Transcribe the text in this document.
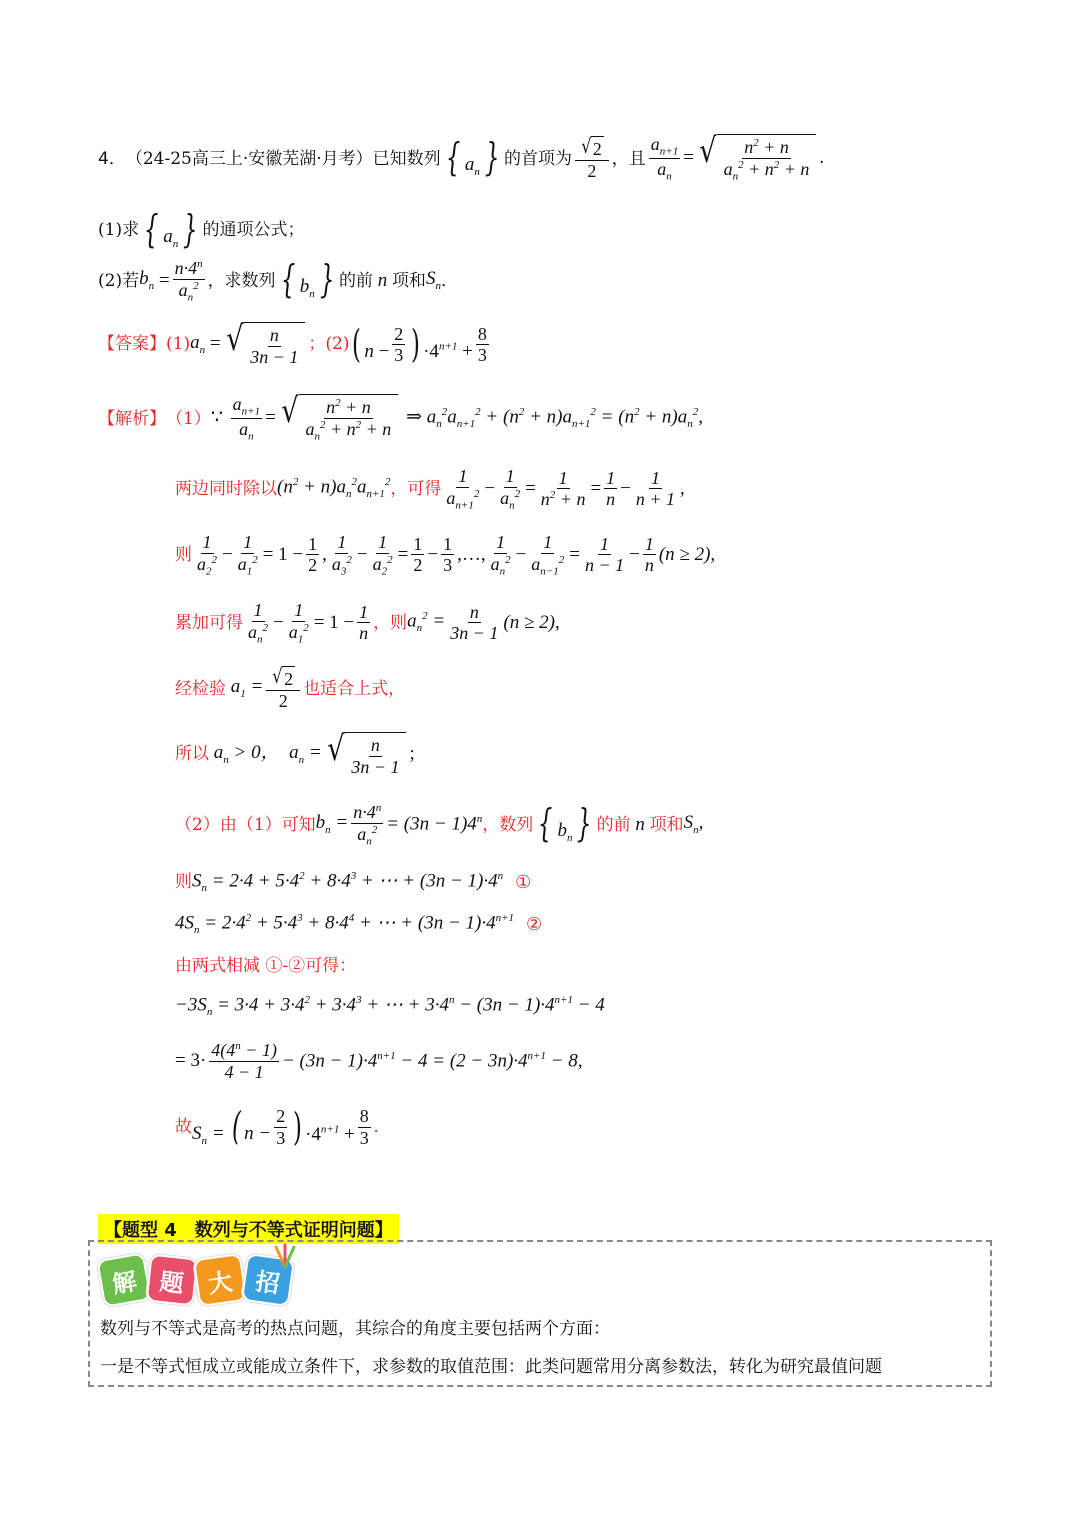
4． （24-25高三上·安徽芜湖·月考） 已知数列 { $a_n$ } 的首项为 $\frac{√ 2}{2}$ ，且 $\frac{a_{n+1}}{a_n}$ = √ $\frac{n^2 + n}{a_n^2 + n^2 + n}$ .
(1)求 { $a_n$ } 的通项公式；
(2)若 $b_n = \frac{n\cdot 4^n}{a_n^2}$ ，求数列 { $b_n$ } 的前 n 项和 $S_n$ ．
【答案】 (1) $a_n$ = √ $\frac{n}{3n - 1}$ ； (2) ( $n - \frac{2}{3}$ ) $\cdot 4^{n+1} + \frac{8}{3}$
【解析】 （1） ∵ $\frac{a_{n+1}}{a_n}$ = √ $\frac{n^2 + n}{a_n^2 + n^2 + n}$ ⇒ $a_n^2a_{n+1}^2 + (n^2 + n)a_{n+1}^2 = (n^2 + n)a_n^2$,
两边同时除以 $(n^2 + n)a_n^2a_{n+1}^2$ ，可得 $\frac{1}{a_{n+1}^2} - \frac{1}{a_n^2} = \frac{1}{n^2 + n} = \frac{1}{n} - \frac{1}{n + 1}$ ,
则 $\frac{1}{a_2^2} - \frac{1}{a_1^2} = 1 - \frac{1}{2}$ , $\frac{1}{a_3^2} - \frac{1}{a_2^2} = \frac{1}{2} - \frac{1}{3}$ ,…, $\frac{1}{a_n^2} - \frac{1}{a_{n-1}^2} = \frac{1}{n - 1} - \frac{1}{n} (n \ge 2)$,
累加可得 $\frac{1}{a_n^2} - \frac{1}{a_1^2} = 1 - \frac{1}{n}$ ，则 $a_n^2 = \frac{n}{3n - 1} (n \ge 2)$,
经检验 $a_1 = \frac{√ 2}{2}$ 也适合上式，
所以 $a_n > 0$，  $a_n$ = √ $\frac{n}{3n - 1}$ ;
（2）由（1）可知 $b_n = \frac{n\cdot 4^n}{a_n^2} = (3n - 1)4^n$ ，数列 { $b_n$ } 的前 n 项和 $S_n$,
则 $S_n = 2\cdot 4 + 5\cdot 4^2 + 8\cdot 4^3$ + ⋯ + $(3n - 1)\cdot 4^n$ ①
$4S_n = 2\cdot 4^2 + 5\cdot 4^3 + 8\cdot 4^4$ + ⋯ + $(3n - 1)\cdot 4^{n+1}$ ②
由两式相减 ①-②可得：
$-3S_n = 3\cdot 4 + 3\cdot 4^2 + 3\cdot 4^3$ + ⋯ + $3\cdot 4^n - (3n - 1)\cdot 4^{n+1} - 4$
= $3\cdot \frac{4(4^n - 1)}{4 - 1} - (3n - 1)\cdot 4^{n+1} - 4 = (2 - 3n)\cdot 4^{n+1} - 8$,
故 $S_n$ = ( $n - \frac{2}{3}$ ) $\cdot 4^{n+1} + \frac{8}{3}$ .
【题型 4　数列与不等式证明问题】
解 题 大 招
数列与不等式是高考的热点问题，其综合的角度主要包括两个方面：
一是不等式恒成立或能成立条件下，求参数的取值范围：此类问题常用分离参数法，转化为研究最值问题
